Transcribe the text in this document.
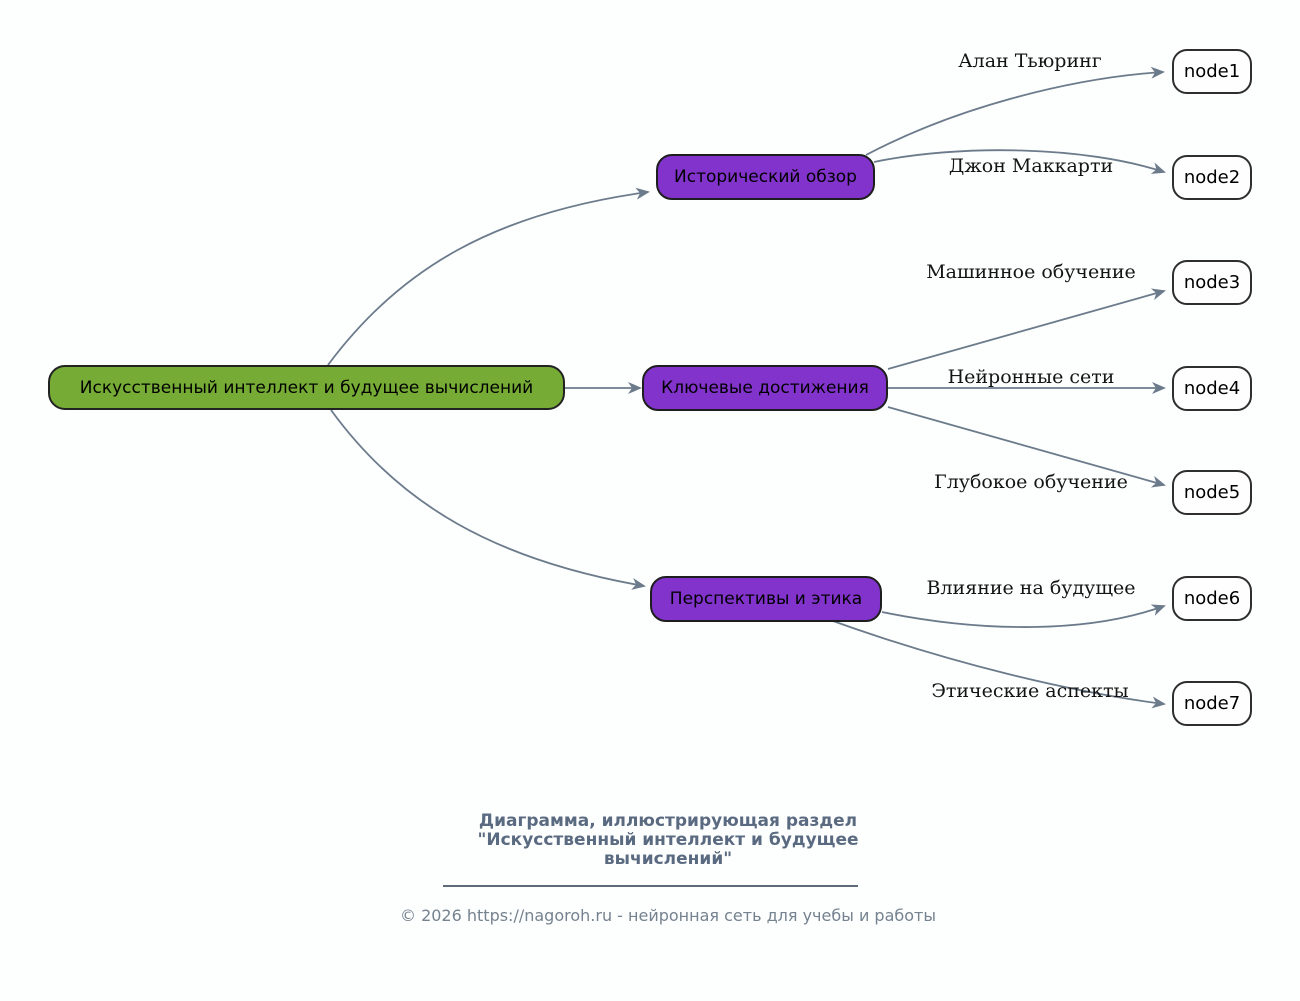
Искусственный интеллект и будущее вычислений
Исторический обзор
Ключевые достижения
Перспективы и этика
node1
node2
node3
node4
node5
node6
node7
Алан Тьюринг
Джон Маккарти
Машинное обучение
Нейронные сети
Глубокое обучение
Влияние на будущее
Этические аспекты
Диаграмма, иллюстрирующая раздел
"Искусственный интеллект и будущее
вычислений"
© 2026 https://nagoroh.ru - нейронная сеть для учебы и работы
